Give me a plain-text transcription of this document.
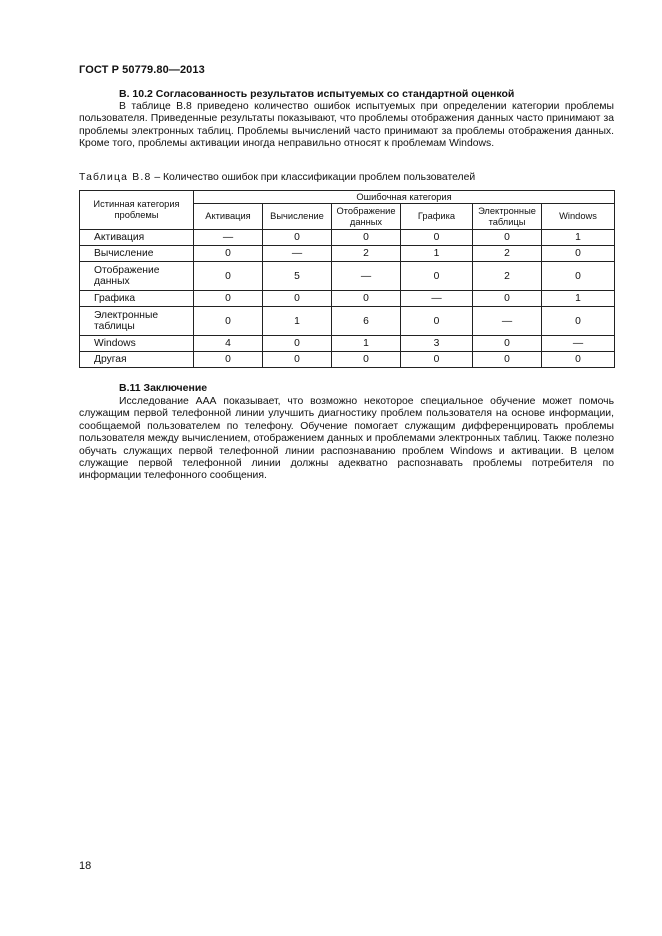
ГОСТ Р 50779.80—2013
В. 10.2 Согласованность результатов испытуемых со стандартной оценкой

В таблице В.8 приведено количество ошибок испытуемых при определении категории проблемы пользователя. Приведенные результаты показывают, что проблемы отображения данных часто принимают за проблемы электронных таблиц. Проблемы вычислений часто принимают за проблемы отображения данных. Кроме того, проблемы активации иногда неправильно относят к проблемам Windows.

Таблица В.8 – Количество ошибок при классификации проблем пользователей
Истинная категория проблемы	Ошибочная категория					
	Активация	Вычисление	Отображение данных	Графика	Электронные таблицы	Windows
Активация	—	0	0	0	0	1
Вычисление	0	—	2	1	2	0
Отображение данных	0	5	—	0	2	0
Графика	0	0	0	—	0	1
Электронные таблицы	0	1	6	0	—	0
Windows	4	0	1	3	0	—
Другая	0	0	0	0	0	0
В.11 Заключение

Исследование ААА показывает, что возможно некоторое специальное обучение может помочь служащим первой телефонной линии улучшить диагностику проблем пользователя на основе информации, сообщаемой пользователем по телефону. Обучение помогает служащим дифференцировать проблемы пользователя между вычислением, отображением данных и проблемами электронных таблиц. Также полезно обучать служащих первой телефонной линии распознаванию проблем Windows и активации. В целом служащие первой телефонной линии должны адекватно распознавать проблемы потребителя по информации телефонного сообщения.

18
